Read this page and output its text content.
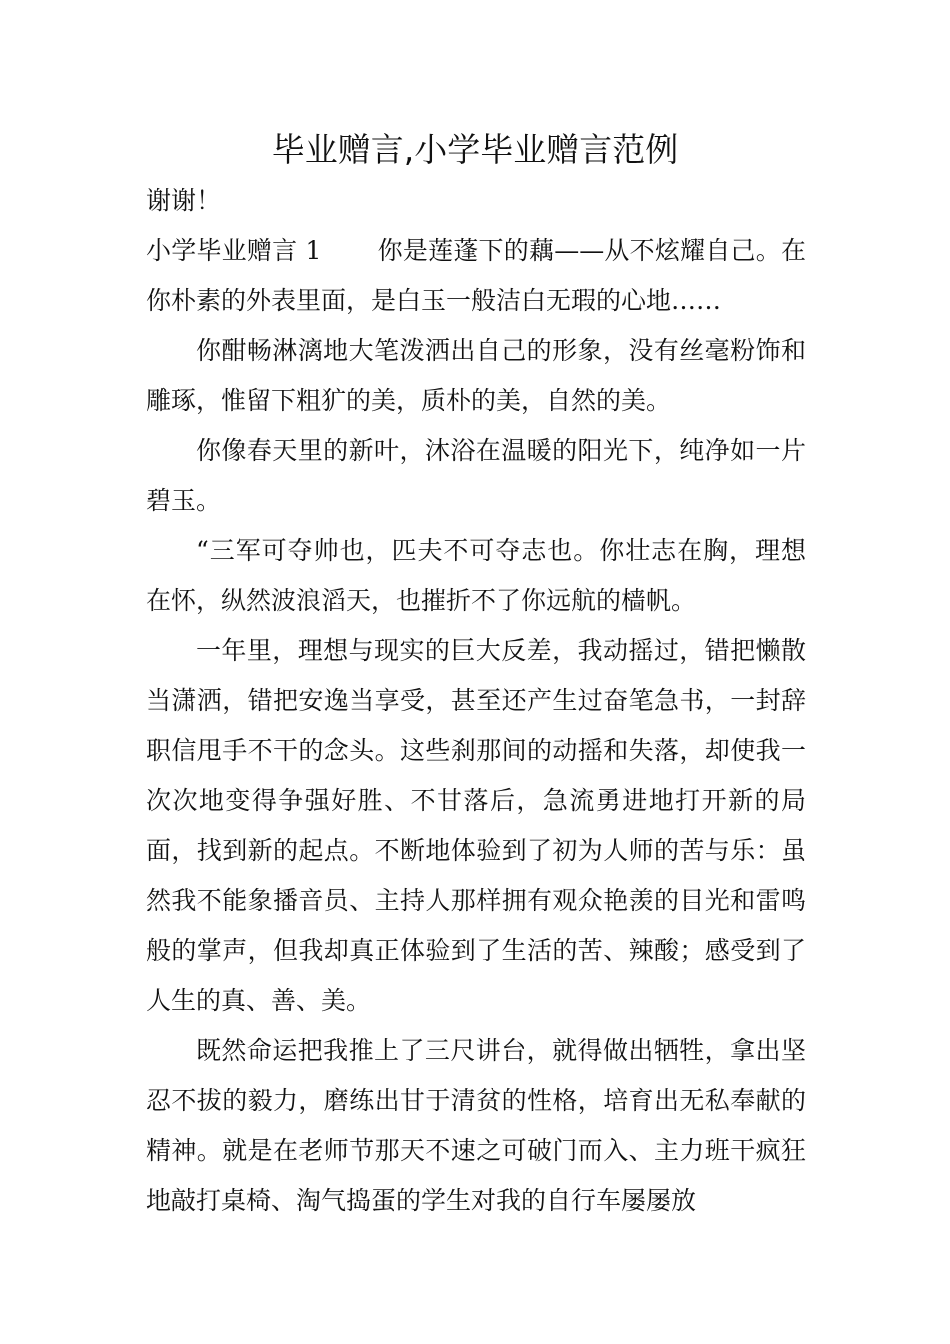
毕业赠言,小学毕业赠言范例

谢谢！

小学毕业赠言 1 你是莲蓬下的藕——从不炫耀自己。在你朴素的外表里面，是白玉一般洁白无瑕的心地……

你酣畅淋漓地大笔泼洒出自己的形象，没有丝毫粉饰和雕琢，惟留下粗犷的美，质朴的美，自然的美。

你像春天里的新叶，沐浴在温暖的阳光下，纯净如一片碧玉。

“三军可夺帅也，匹夫不可夺志也。你壮志在胸，理想在怀，纵然波浪滔天，也摧折不了你远航的樯帆。

一年里，理想与现实的巨大反差，我动摇过，错把懒散当潇洒，错把安逸当享受，甚至还产生过奋笔急书，一封辞职信甩手不干的念头。这些刹那间的动摇和失落，却使我一次次地变得争强好胜、不甘落后，急流勇进地打开新的局面，找到新的起点。不断地体验到了初为人师的苦与乐：虽然我不能象播音员、主持人那样拥有观众艳羡的目光和雷鸣般的掌声，但我却真正体验到了生活的苦、辣酸；感受到了人生的真、善、美。

既然命运把我推上了三尺讲台，就得做出牺牲，拿出坚忍不拔的毅力，磨练出甘于清贫的性格，培育出无私奉献的精神。就是在老师节那天不速之可破门而入、主力班干疯狂地敲打桌椅、淘气捣蛋的学生对我的自行车屡屡放
